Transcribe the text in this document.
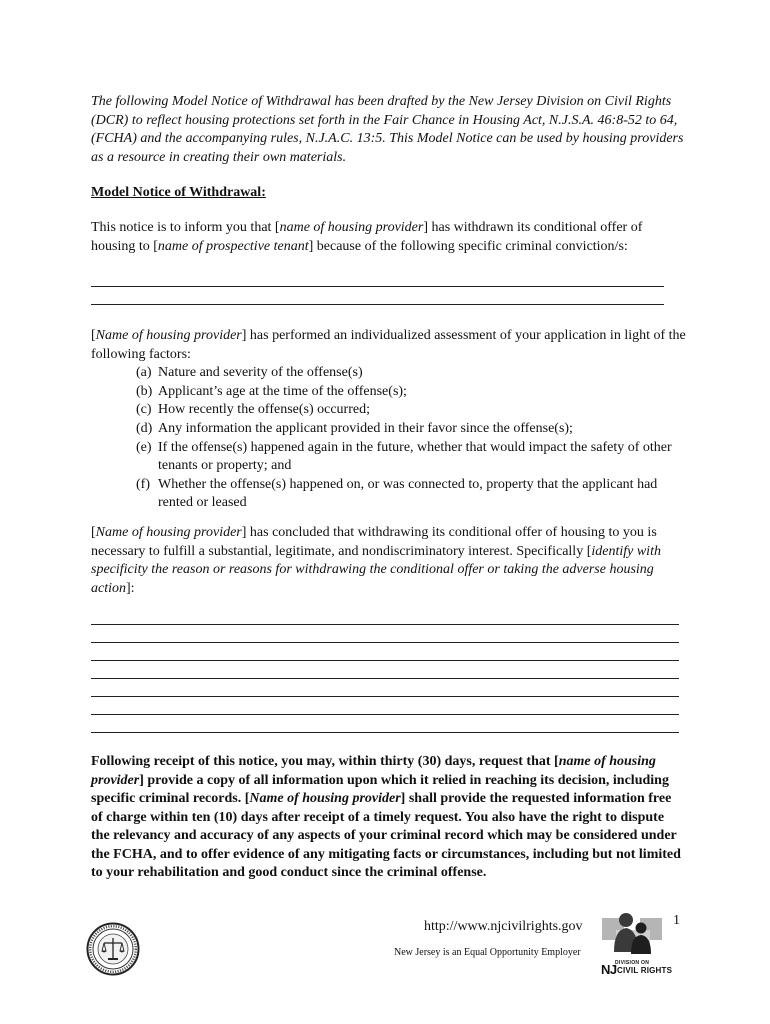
The following Model Notice of Withdrawal has been drafted by the New Jersey Division on Civil Rights (DCR) to reflect housing protections set forth in the Fair Chance in Housing Act, N.J.S.A. 46:8-52 to 64, (FCHA) and the accompanying rules, N.J.A.C. 13:5. This Model Notice can be used by housing providers as a resource in creating their own materials.

Model Notice of Withdrawal:

This notice is to inform you that [name of housing provider] has withdrawn its conditional offer of housing to [name of prospective tenant] because of the following specific criminal conviction/s:

[Name of housing provider] has performed an individualized assessment of your application in light of the following factors:

(a) Nature and severity of the offense(s)
(b) Applicant’s age at the time of the offense(s);
(c) How recently the offense(s) occurred;
(d) Any information the applicant provided in their favor since the offense(s);
(e) If the offense(s) happened again in the future, whether that would impact the safety of other tenants or property; and
(f) Whether the offense(s) happened on, or was connected to, property that the applicant had rented or leased

[Name of housing provider] has concluded that withdrawing its conditional offer of housing to you is necessary to fulfill a substantial, legitimate, and nondiscriminatory interest. Specifically [identify with specificity the reason or reasons for withdrawing the conditional offer or taking the adverse housing action]:

Following receipt of this notice, you may, within thirty (30) days, request that [name of housing provider] provide a copy of all information upon which it relied in reaching its decision, including specific criminal records. [Name of housing provider] shall provide the requested information free of charge within ten (10) days after receipt of a timely request. You also have the right to dispute the relevancy and accuracy of any aspects of your criminal record which may be considered under the FCHA, and to offer evidence of any mitigating facts or circumstances, including but not limited to your rehabilitation and good conduct since the criminal offense.

http://www.njcivilrights.gov
New Jersey is an Equal Opportunity Employer
1
DIVISION ON
NJ CIVIL RIGHTS
